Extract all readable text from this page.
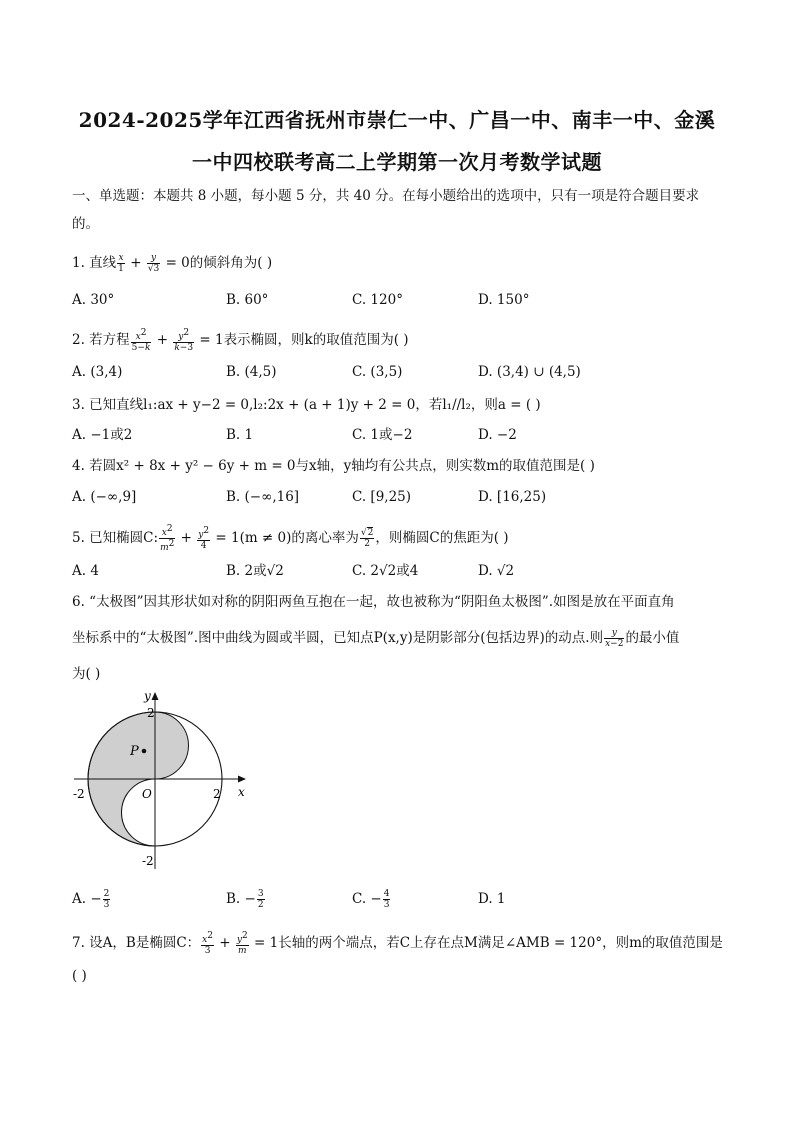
2024-2025学年江西省抚州市崇仁一中、广昌一中、南丰一中、金溪
一中四校联考高二上学期第一次月考数学试题
一、单选题：本题共 8 小题，每小题 5 分，共 40 分。在每小题给出的选项中，只有一项是符合题目要求
的。
1. 直线 $\frac{x}{1} + \frac{y}{√3} = 0$的倾斜角为( )
A. 30°	B. 60°	C. 120°	D. 150°
2. 若方程 $\frac{x^2}{5-k} + \frac{y^2}{k-3} = 1$表示椭圆，则k的取值范围为( )
A. (3,4)	B. (4,5)	C. (3,5)	D. (3,4) ∪ (4,5)
3. 已知直线l₁:ax + y−2 = 0,l₂:2x + (a + 1)y + 2 = 0，若l₁//l₂，则a = ( )
A. −1或2	B. 1	C. 1或−2	D. −2
4. 若圆x² + 8x + y² − 6y + m = 0与x轴，y轴均有公共点，则实数m的取值范围是( )
A. (−∞,9]	B. (−∞,16]	C. [9,25)	D. [16,25)
5. 已知椭圆C: $\frac{x^2}{m^2} + \frac{y^2}{4} = 1(m \ne 0)$的离心率为 $\frac{√2}{2}$ ，则椭圆C的焦距为( )
A. 4	B. 2或√2	C. 2√2或4	D. √2
6. “太极图”因其形状如对称的阴阳两鱼互抱在一起，故也被称为“阴阳鱼太极图”.如图是放在平面直角
坐标系中的“太极图”.图中曲线为圆或半圆，已知点P(x,y)是阴影部分(包括边界)的动点.则 $\frac{y}{x-2}$ 的最小值
为( )
P
y
x
O
2
-2
-2	2
A. − $\frac{2}{3}$	B. − $\frac{3}{2}$	C. − $\frac{4}{3}$	D. 1
7. 设A，B是椭圆C： $\frac{x^2}{3} + \frac{y^2}{m} = 1$长轴的两个端点，若C上存在点M满足∠AMB = 120°，则m的取值范围是
( )
